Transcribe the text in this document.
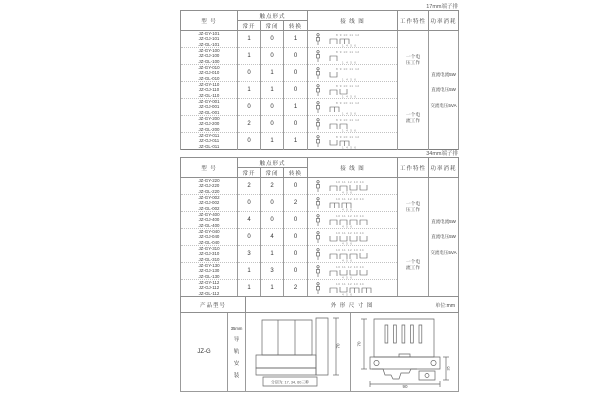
17mm端子排
型 号	触点形式			接 线 图	工作特性	功率消耗
	常开	常闭	转换			

JZ-GY-101
JZ-GJ-101
JZ-GL-101
	1	0	1	
8 9 10 11 12
1 4 5 6

一个电
压工作
一个电
流工作

直流电流5W
直流电压5W
交流电压5VA

JZ-GY-100
JZ-GJ-100
JZ-GL-100
	1	0	0	
8 9 10 11 12
1 4 5 6

JZ-GY-010
JZ-GJ-010
JZ-GL-010
	0	1	0	
8 9 10 11 12
1 4 5 6

JZ-GY-110
JZ-GJ-110
JZ-GL-110
	1	1	0	
8 9 10 11 12
1 4 5 6

JZ-GY-001
JZ-GJ-001
JZ-GL-001
	0	0	1	
8 9 10 11 12
1 4 5 6

JZ-GY-200
JZ-GJ-200
JZ-GL-200
	2	0	0	
8 9 10 11 12
1 4 5 6

JZ-GY-011
JZ-GJ-011
JZ-GL-011
	0	1	1	
8 9 10 11 12
1 4 5 6
34mm端子排
型 号	触点形式			接 线 图	工作特性	功率消耗
	常开	常闭	转换			

JZ-GY-220
JZ-GJ-220
JZ-GL-220
	2	2	0	
10 11 12 13 14
4 5 6

一个电
压工作
一个电
流工作

直流电流5W
直流电压5W
交流电压5VA

JZ-GY-002
JZ-GJ-002
JZ-GL-002
	0	0	2	
10 11 12 13 14
4 5 6

JZ-GY-400
JZ-GJ-400
JZ-GL-400
	4	0	0	
10 11 12 13 14
4 5 6

JZ-GY-040
JZ-GJ-040
JZ-GL-040
	0	4	0	
10 11 12 13 14
4 5 6

JZ-GY-310
JZ-GJ-310
JZ-GL-310
	3	1	0	
10 11 12 13 14
4 5 6

JZ-GY-130
JZ-GJ-130
JZ-GL-130
	1	3	0	
10 11 12 13 14
4 5 6

JZ-GY-112
JZ-GJ-112
JZ-GL-112
	1	1	2	
10 11 12 13 14
4 5 6
产品型号		外 形 尺 寸 图 单位:mm

JZ-G	
35mm
导
轨
安
装

70
分别为: 17, 34, 60三种
70
90
35
